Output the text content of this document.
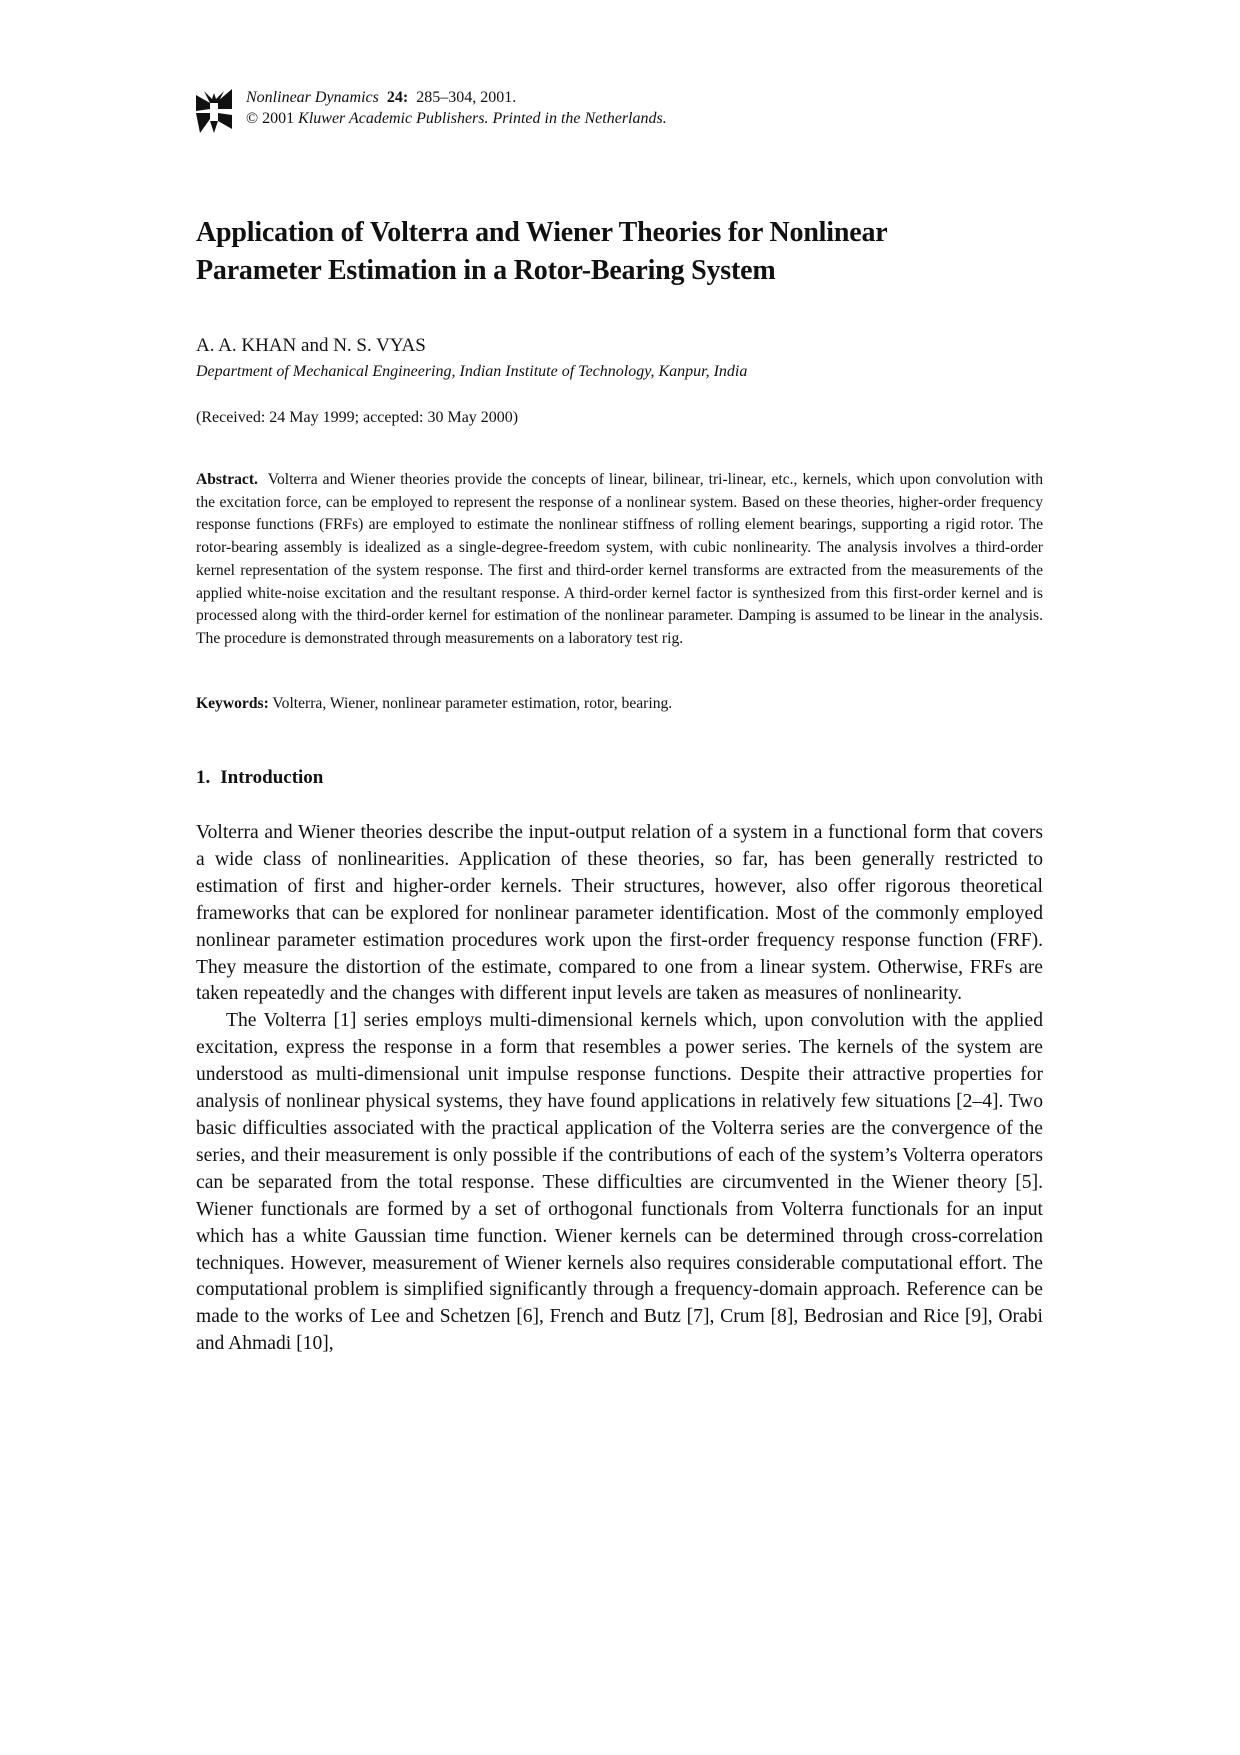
Nonlinear Dynamics 24: 285–304, 2001.
© 2001 Kluwer Academic Publishers. Printed in the Netherlands.
Application of Volterra and Wiener Theories for Nonlinear
Parameter Estimation in a Rotor-Bearing System
A. A. KHAN and N. S. VYAS
Department of Mechanical Engineering, Indian Institute of Technology, Kanpur, India
(Received: 24 May 1999; accepted: 30 May 2000)

Abstract. Volterra and Wiener theories provide the concepts of linear, bilinear, tri-linear, etc., kernels, which upon convolution with the excitation force, can be employed to represent the response of a nonlinear system. Based on these theories, higher-order frequency response functions (FRFs) are employed to estimate the nonlinear stiffness of rolling element bearings, supporting a rigid rotor. The rotor-bearing assembly is idealized as a single-degree-freedom system, with cubic nonlinearity. The analysis involves a third-order kernel representation of the system response. The first and third-order kernel transforms are extracted from the measurements of the applied white-noise excitation and the resultant response. A third-order kernel factor is synthesized from this first-order kernel and is processed along with the third-order kernel for estimation of the nonlinear parameter. Damping is assumed to be linear in the analysis. The procedure is demonstrated through measurements on a laboratory test rig.

Keywords: Volterra, Wiener, nonlinear parameter estimation, rotor, bearing.
1. Introduction

Volterra and Wiener theories describe the input-output relation of a system in a functional form that covers a wide class of nonlinearities. Application of these theories, so far, has been generally restricted to estimation of first and higher-order kernels. Their structures, however, also offer rigorous theoretical frameworks that can be explored for nonlinear parameter identification. Most of the commonly employed nonlinear parameter estimation procedures work upon the first-order frequency response function (FRF). They measure the distortion of the estimate, compared to one from a linear system. Otherwise, FRFs are taken repeatedly and the changes with different input levels are taken as measures of nonlinearity.

The Volterra [1] series employs multi-dimensional kernels which, upon convolution with the applied excitation, express the response in a form that resembles a power series. The kernels of the system are understood as multi-dimensional unit impulse response functions. Despite their attractive properties for analysis of nonlinear physical systems, they have found applications in relatively few situations [2–4]. Two basic difficulties associated with the practical application of the Volterra series are the convergence of the series, and their measurement is only possible if the contributions of each of the system’s Volterra operators can be separated from the total response. These difficulties are circumvented in the Wiener theory [5]. Wiener functionals are formed by a set of orthogonal functionals from Volterra functionals for an input which has a white Gaussian time function. Wiener kernels can be determined through cross-correlation techniques. However, measurement of Wiener kernels also requires considerable computational effort. The computational problem is simplified significantly through a frequency-domain approach. Reference can be made to the works of Lee and Schetzen [6], French and Butz [7], Crum [8], Bedrosian and Rice [9], Orabi and Ahmadi [10],
